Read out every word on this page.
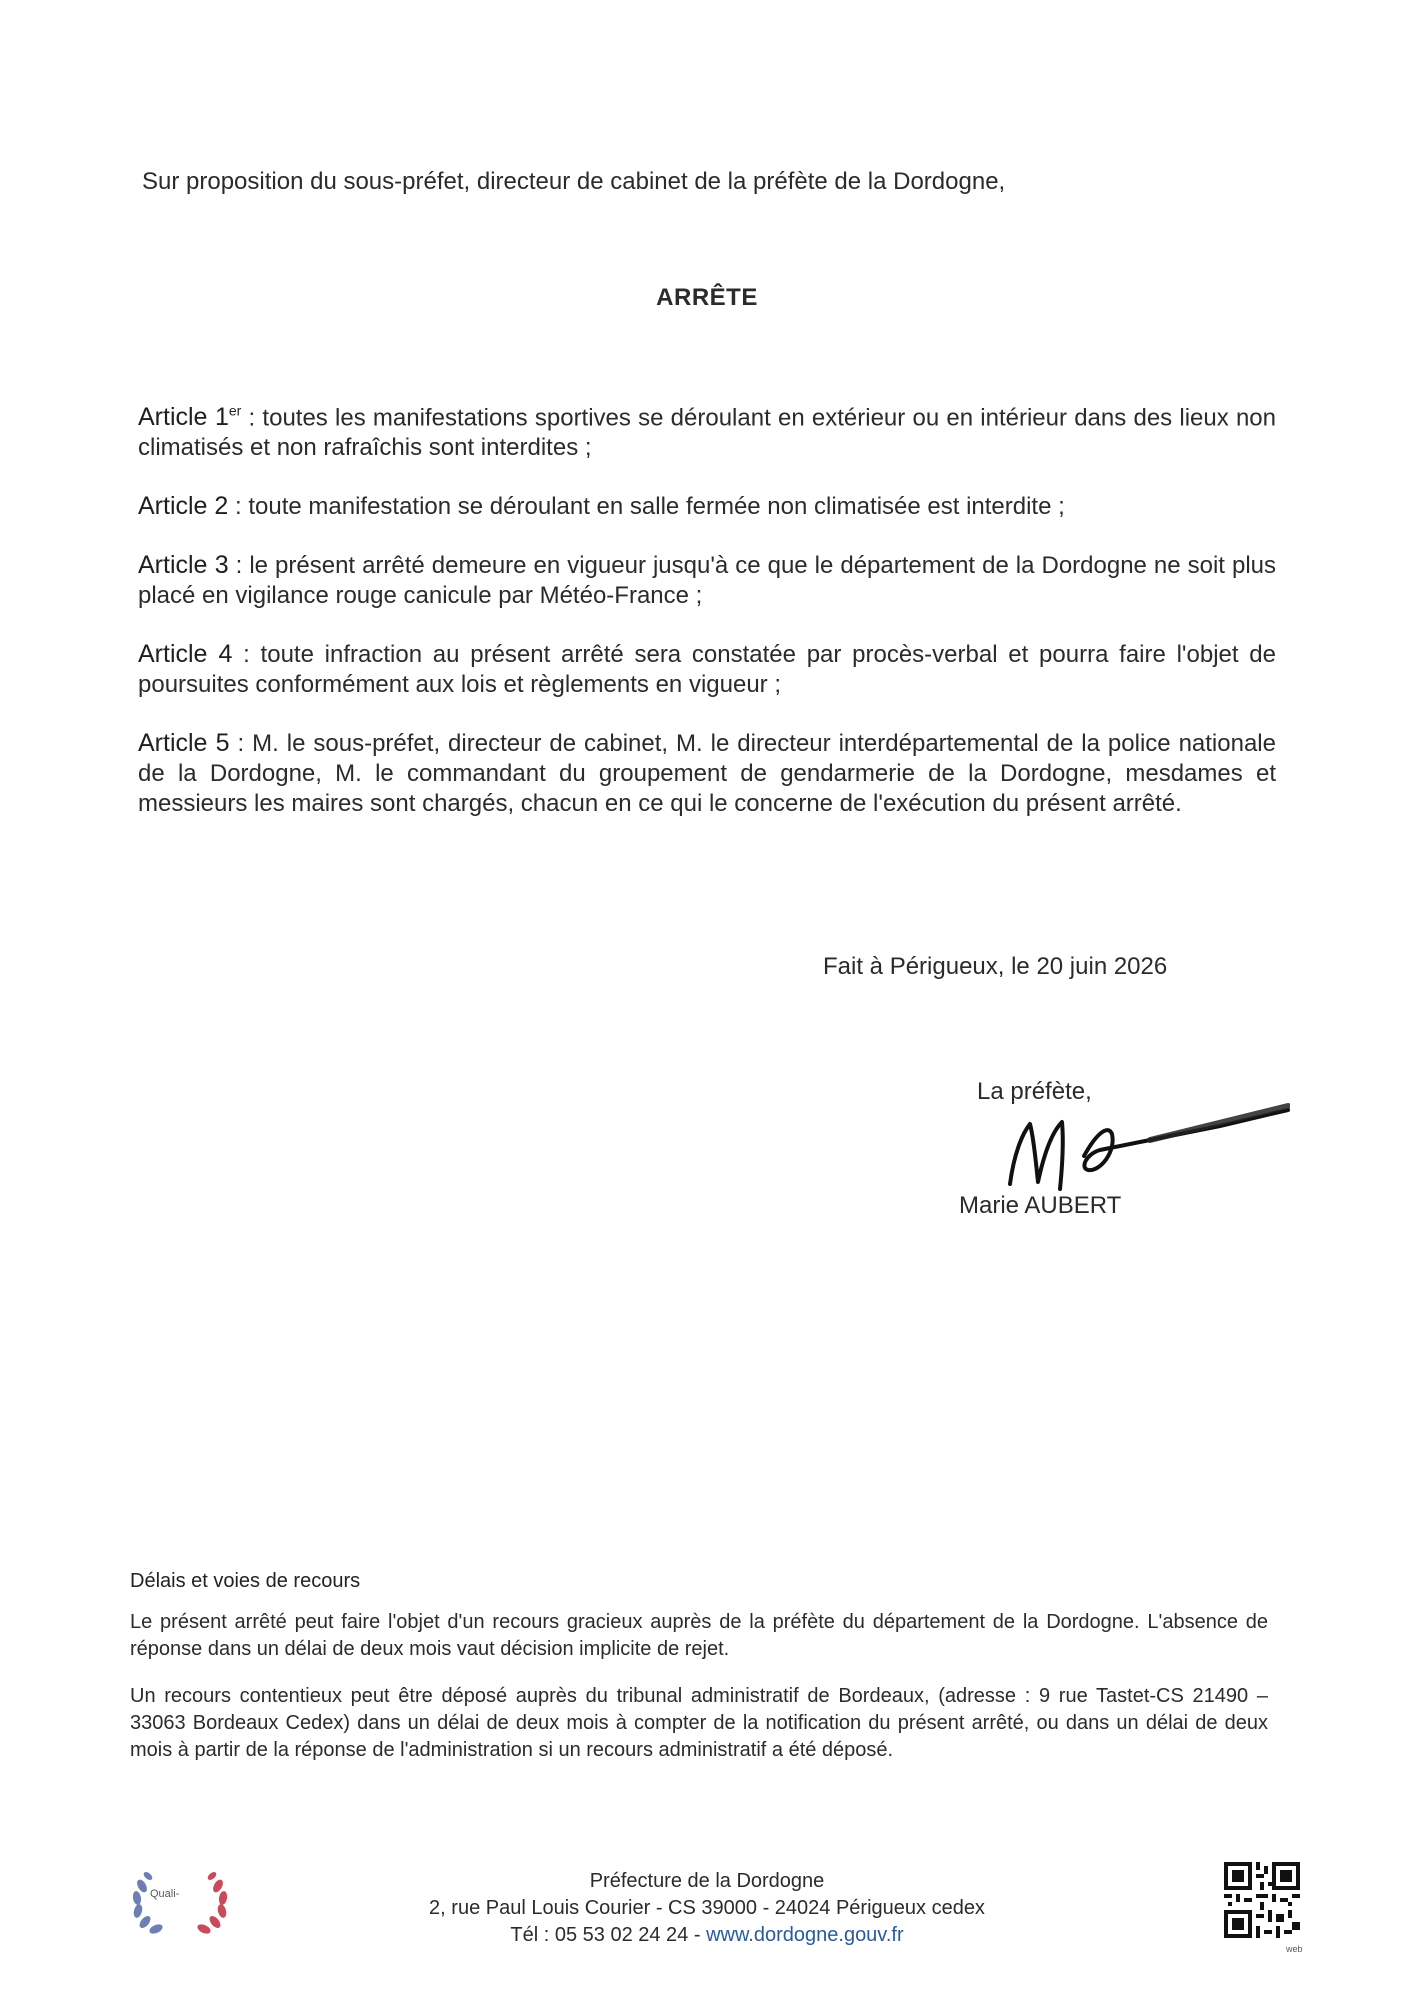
Sur proposition du sous-préfet, directeur de cabinet de la préfète de la Dordogne,
ARRÊTE

Article 1er : toutes les manifestations sportives se déroulant en extérieur ou en intérieur dans des lieux non climatisés et non rafraîchis sont interdites ;

Article 2 : toute manifestation se déroulant en salle fermée non climatisée est interdite ;

Article 3 : le présent arrêté demeure en vigueur jusqu'à ce que le département de la Dordogne ne soit plus placé en vigilance rouge canicule par Météo-France ;

Article 4 : toute infraction au présent arrêté sera constatée par procès-verbal et pourra faire l'objet de poursuites conformément aux lois et règlements en vigueur ;

Article 5 : M. le sous-préfet, directeur de cabinet, M. le directeur interdépartemental de la police nationale de la Dordogne, M. le commandant du groupement de gendarmerie de la Dordogne, mesdames et messieurs les maires sont chargés, chacun en ce qui le concerne de l'exécution du présent arrêté.

Fait à Périgueux, le 20 juin 2026
La préfète,
Marie AUBERT
Délais et voies de recours

Le présent arrêté peut faire l'objet d'un recours gracieux auprès de la préfète du département de la Dordogne. L'absence de réponse dans un délai de deux mois vaut décision implicite de rejet.

Un recours contentieux peut être déposé auprès du tribunal administratif de Bordeaux, (adresse : 9 rue Tastet-CS 21490 – 33063 Bordeaux Cedex) dans un délai de deux mois à compter de la notification du présent arrêté, ou dans un délai de deux mois à partir de la réponse de l'administration si un recours administratif a été déposé.

Quali-
Préfecture de la Dordogne
2, rue Paul Louis Courier - CS 39000 - 24024 Périgueux cedex
Tél : 05 53 02 24 24 - www.dordogne.gouv.fr
web
